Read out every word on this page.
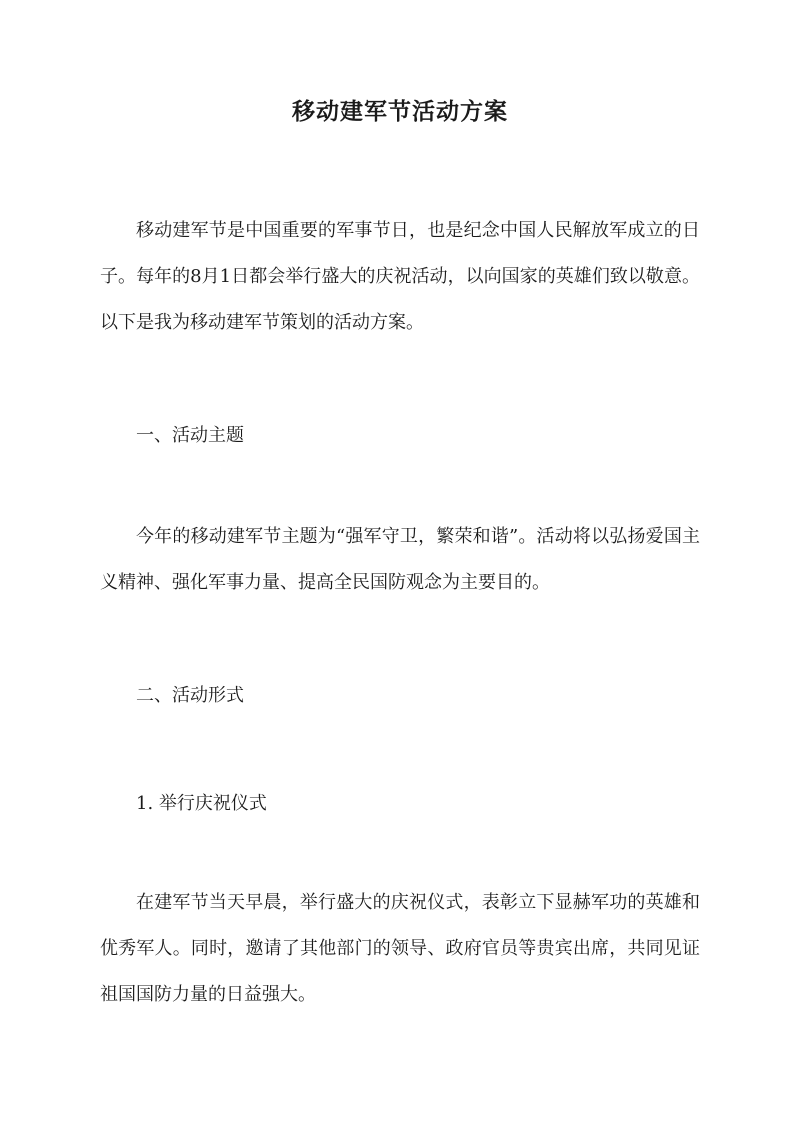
移动建军节活动方案

移动建军节是中国重要的军事节日，也是纪念中国人民解放军成立的日子。每年的8月1日都会举行盛大的庆祝活动，以向国家的英雄们致以敬意。以下是我为移动建军节策划的活动方案。

一、活动主题

今年的移动建军节主题为“强军守卫，繁荣和谐”。活动将以弘扬爱国主义精神、强化军事力量、提高全民国防观念为主要目的。

二、活动形式

1. 举行庆祝仪式

在建军节当天早晨，举行盛大的庆祝仪式，表彰立下显赫军功的英雄和优秀军人。同时，邀请了其他部门的领导、政府官员等贵宾出席，共同见证祖国国防力量的日益强大。
